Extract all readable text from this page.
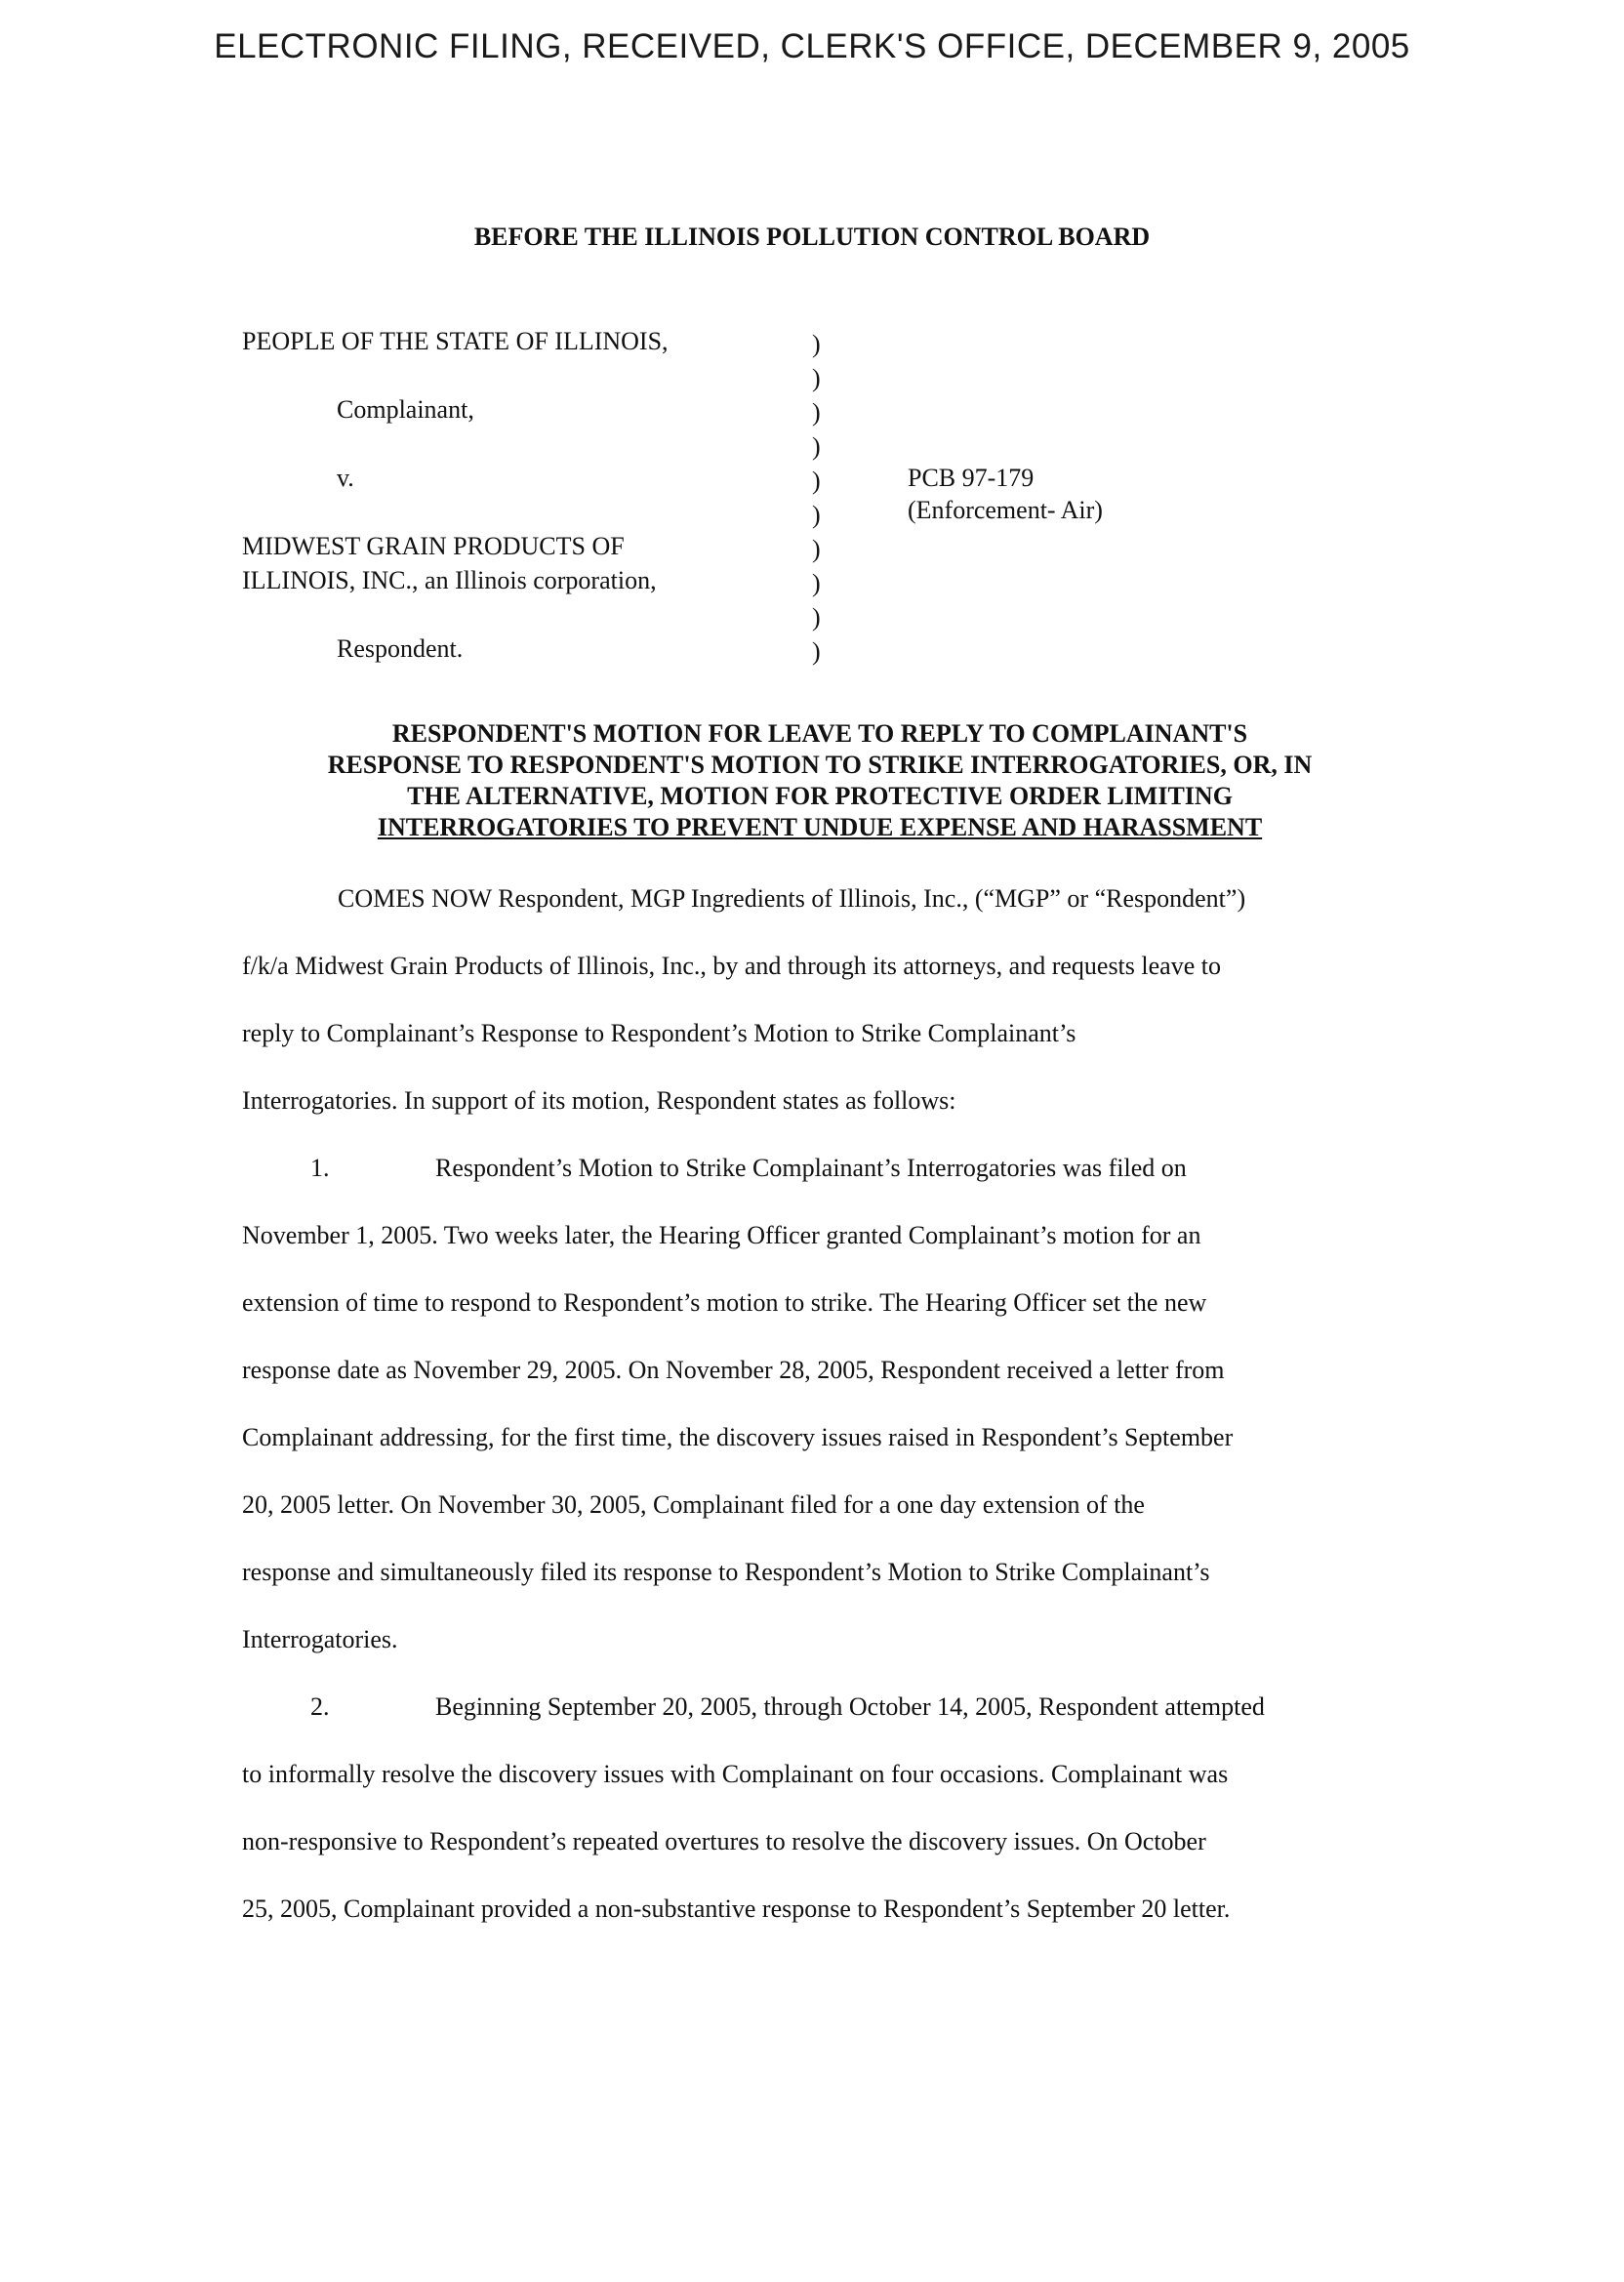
ELECTRONIC FILING, RECEIVED, CLERK'S OFFICE, DECEMBER 9, 2005
BEFORE THE ILLINOIS POLLUTION CONTROL BOARD
PEOPLE OF THE STATE OF ILLINOIS,
Complainant,
v.
MIDWEST GRAIN PRODUCTS OF
ILLINOIS, INC., an Illinois corporation,
Respondent.
)
)
)
)
)
)
)
)
)
)
PCB 97-179
(Enforcement- Air)
RESPONDENT'S MOTION FOR LEAVE TO REPLY TO COMPLAINANT'S
RESPONSE TO RESPONDENT'S MOTION TO STRIKE INTERROGATORIES, OR, IN
THE ALTERNATIVE, MOTION FOR PROTECTIVE ORDER LIMITING
INTERROGATORIES TO PREVENT UNDUE EXPENSE AND HARASSMENT
COMES NOW Respondent, MGP Ingredients of Illinois, Inc., (“MGP” or “Respondent”)
f/k/a Midwest Grain Products of Illinois, Inc., by and through its attorneys, and requests leave to
reply to Complainant’s Response to Respondent’s Motion to Strike Complainant’s
Interrogatories. In support of its motion, Respondent states as follows:
1.	Respondent’s Motion to Strike Complainant’s Interrogatories was filed on
November 1, 2005. Two weeks later, the Hearing Officer granted Complainant’s motion for an
extension of time to respond to Respondent’s motion to strike. The Hearing Officer set the new
response date as November 29, 2005. On November 28, 2005, Respondent received a letter from
Complainant addressing, for the first time, the discovery issues raised in Respondent’s September
20, 2005 letter. On November 30, 2005, Complainant filed for a one day extension of the
response and simultaneously filed its response to Respondent’s Motion to Strike Complainant’s
Interrogatories.
2.	Beginning September 20, 2005, through October 14, 2005, Respondent attempted
to informally resolve the discovery issues with Complainant on four occasions. Complainant was
non-responsive to Respondent’s repeated overtures to resolve the discovery issues. On October
25, 2005, Complainant provided a non-substantive response to Respondent’s September 20 letter.
